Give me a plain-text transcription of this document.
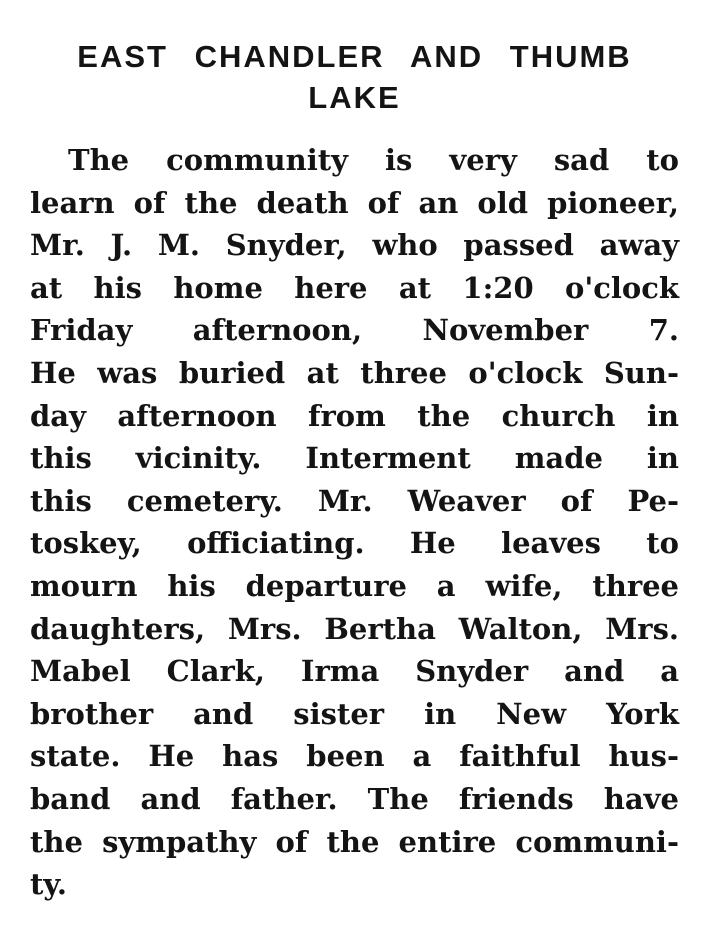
EAST CHANDLER AND THUMB
LAKE
The community is very sad to
learn of the death of an old pioneer,
Mr. J. M. Snyder, who passed away
at his home here at 1:20 o'clock
Friday afternoon, November 7.
He was buried at three o'clock Sun-
day afternoon from the church in
this vicinity. Interment made in
this cemetery. Mr. Weaver of Pe-
toskey, officiating. He leaves to
mourn his departure a wife, three
daughters, Mrs. Bertha Walton, Mrs.
Mabel Clark, Irma Snyder and a
brother and sister in New York
state. He has been a faithful hus-
band and father. The friends have
the sympathy of the entire communi-
ty.
